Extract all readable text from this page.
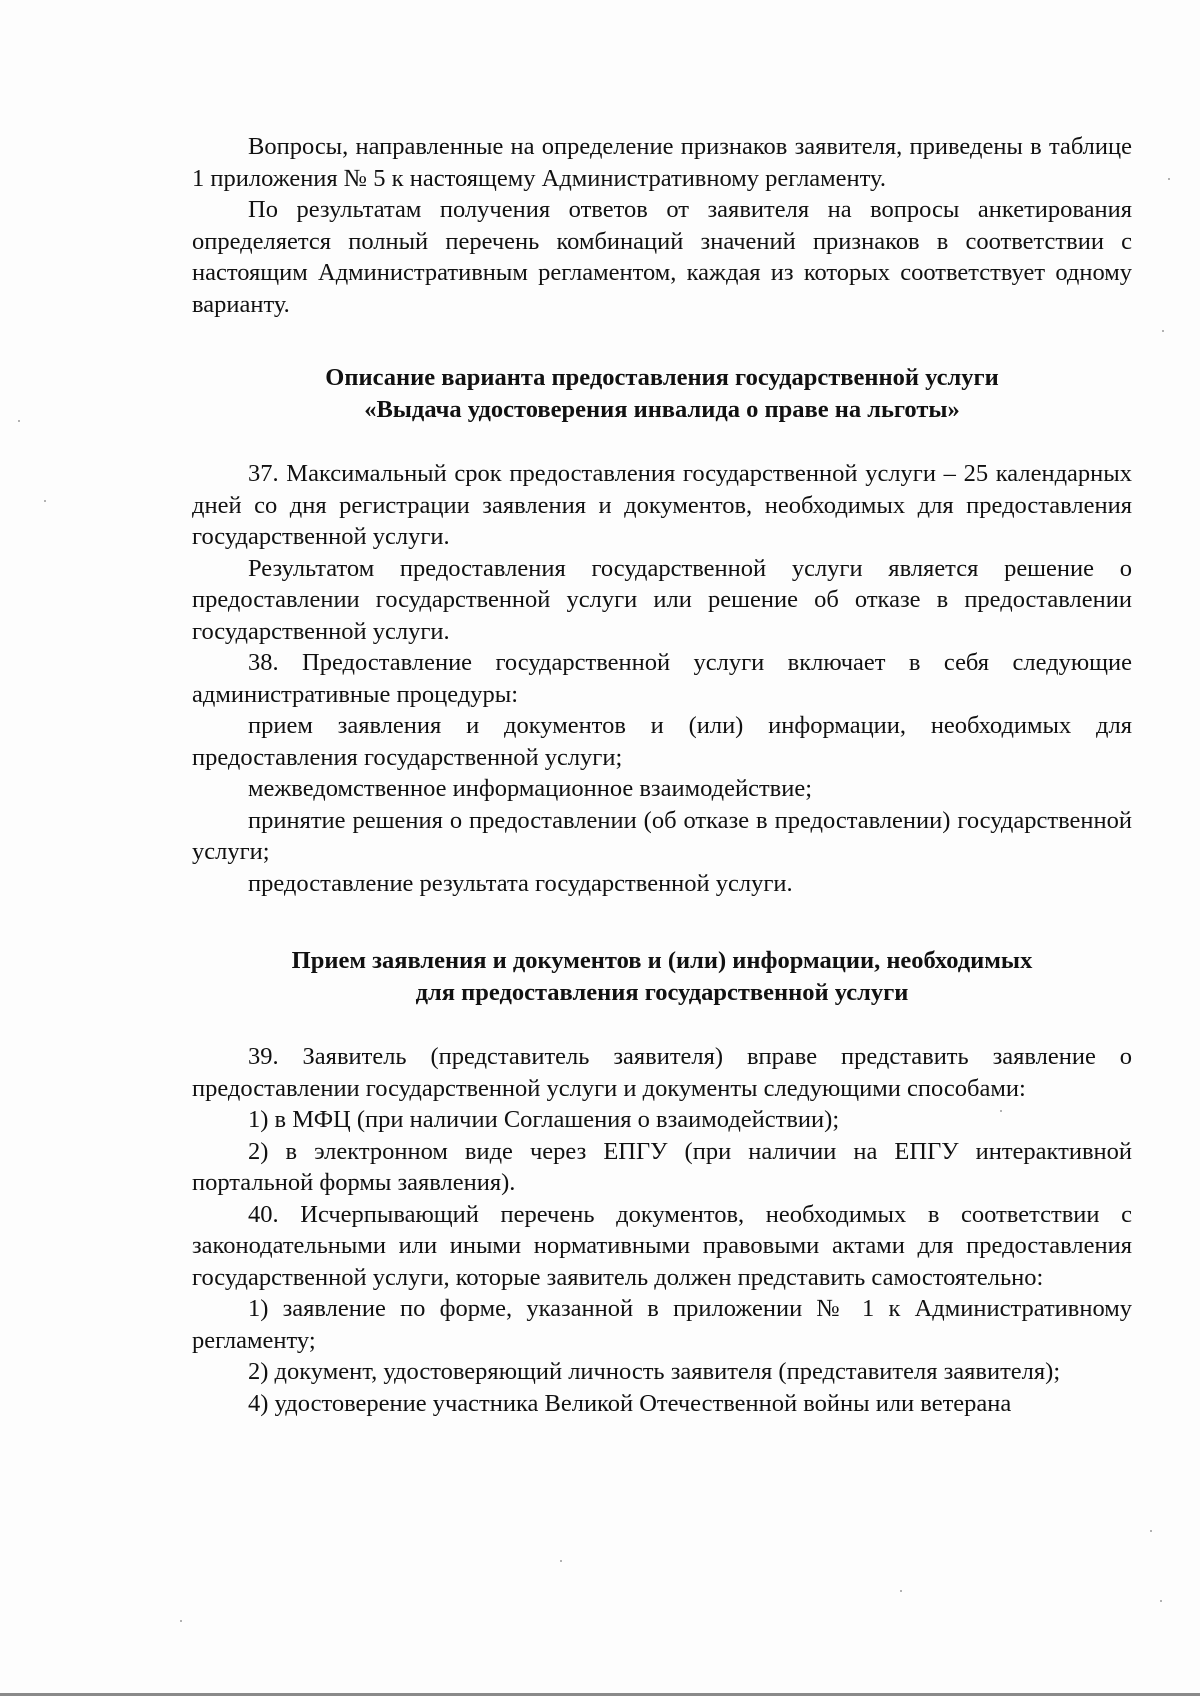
Вопросы, направленные на определение признаков заявителя, приведены в таблице 1 приложения № 5 к настоящему Административному регламенту.

По результатам получения ответов от заявителя на вопросы анкетирования определяется полный перечень комбинаций значений признаков в соответствии с настоящим Административным регламентом, каждая из которых соответствует одному варианту.

Описание варианта предоставления государственной услуги
«Выдача удостоверения инвалида о праве на льготы»

37. Максимальный срок предоставления государственной услуги – 25 календарных дней со дня регистрации заявления и документов, необходимых для предоставления государственной услуги.

Результатом предоставления государственной услуги является решение о предоставлении государственной услуги или решение об отказе в предоставлении государственной услуги.

38. Предоставление государственной услуги включает в себя следующие административные процедуры:

прием заявления и документов и (или) информации, необходимых для предоставления государственной услуги;

межведомственное информационное взаимодействие;

принятие решения о предоставлении (об отказе в предоставлении) государственной услуги;

предоставление результата государственной услуги.

Прием заявления и документов и (или) информации, необходимых
для предоставления государственной услуги

39. Заявитель (представитель заявителя) вправе представить заявление о предоставлении государственной услуги и документы следующими способами:

1) в МФЦ (при наличии Соглашения о взаимодействии);

2) в электронном виде через ЕПГУ (при наличии на ЕПГУ интерактивной портальной формы заявления).

40. Исчерпывающий перечень документов, необходимых в соответствии с законодательными или иными нормативными правовыми актами для предоставления государственной услуги, которые заявитель должен представить самостоятельно:

1) заявление по форме, указанной в приложении № 1 к Административному регламенту;

2) документ, удостоверяющий личность заявителя (представителя заявителя);

4) удостоверение участника Великой Отечественной войны или ветерана
